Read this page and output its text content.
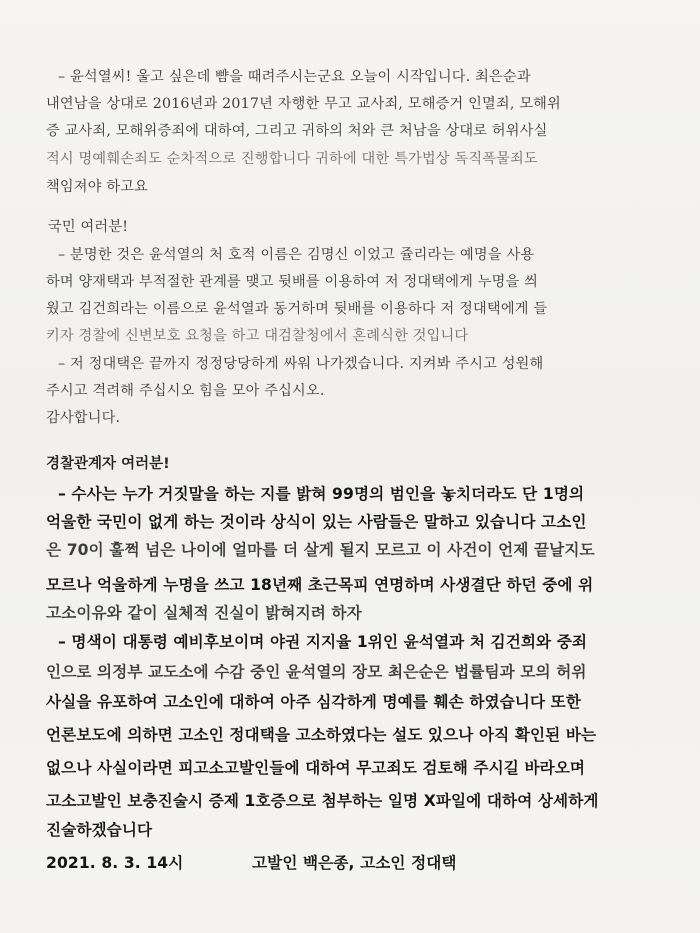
– 윤석열씨! 울고 싶은데 뺨을 때려주시는군요 오늘이 시작입니다. 최은순과
내연남을 상대로 2016년과 2017년 자행한 무고 교사죄, 모해증거 인멸죄, 모해위
증 교사죄, 모해위증죄에 대하여, 그리고 귀하의 처와 큰 처남을 상대로 허위사실
적시 명예훼손죄도 순차적으로 진행합니다 귀하에 대한 특가법상 독직폭물죄도
책임져야 하고요
국민 여러분!
– 분명한 것은 윤석열의 처 호적 이름은 김명신 이었고 쥴리라는 예명을 사용
하며 양재택과 부적절한 관계를 맺고 뒷배를 이용하여 저 정대택에게 누명을 씌
웠고 김건희라는 이름으로 윤석열과 동거하며 뒷배를 이용하다 저 정대택에게 들
키자 경찰에 신변보호 요청을 하고 대검찰청에서 혼례식한 것입니다
– 저 정대택은 끝까지 정정당당하게 싸워 나가겠습니다. 지켜봐 주시고 성원해
주시고 격려해 주십시오 힘을 모아 주십시오.
감사합니다.
경찰관계자 여러분!
– 수사는 누가 거짓말을 하는 지를 밝혀 99명의 범인을 놓치더라도 단 1명의
억울한 국민이 없게 하는 것이라 상식이 있는 사람들은 말하고 있습니다 고소인
은 70이 훌쩍 넘은 나이에 얼마를 더 살게 될지 모르고 이 사건이 언제 끝날지도
모르나 억울하게 누명을 쓰고 18년째 초근목피 연명하며 사생결단 하던 중에 위
고소이유와 같이 실체적 진실이 밝혀지려 하자
– 명색이 대통령 예비후보이며 야권 지지율 1위인 윤석열과 처 김건희와 중죄
인으로 의정부 교도소에 수감 중인 윤석열의 장모 최은순은 법률팀과 모의 허위
사실을 유포하여 고소인에 대하여 아주 심각하게 명예를 훼손 하였습니다 또한
언론보도에 의하면 고소인 정대택을 고소하였다는 설도 있으나 아직 확인된 바는
없으나 사실이라면 피고소고발인들에 대하여 무고죄도 검토해 주시길 바라오며
고소고발인 보충진술시 증제 1호증으로 첨부하는 일명 X파일에 대하여 상세하게
진술하겠습니다
2021. 8. 3. 14시	고발인 백은종, 고소인 정대택
